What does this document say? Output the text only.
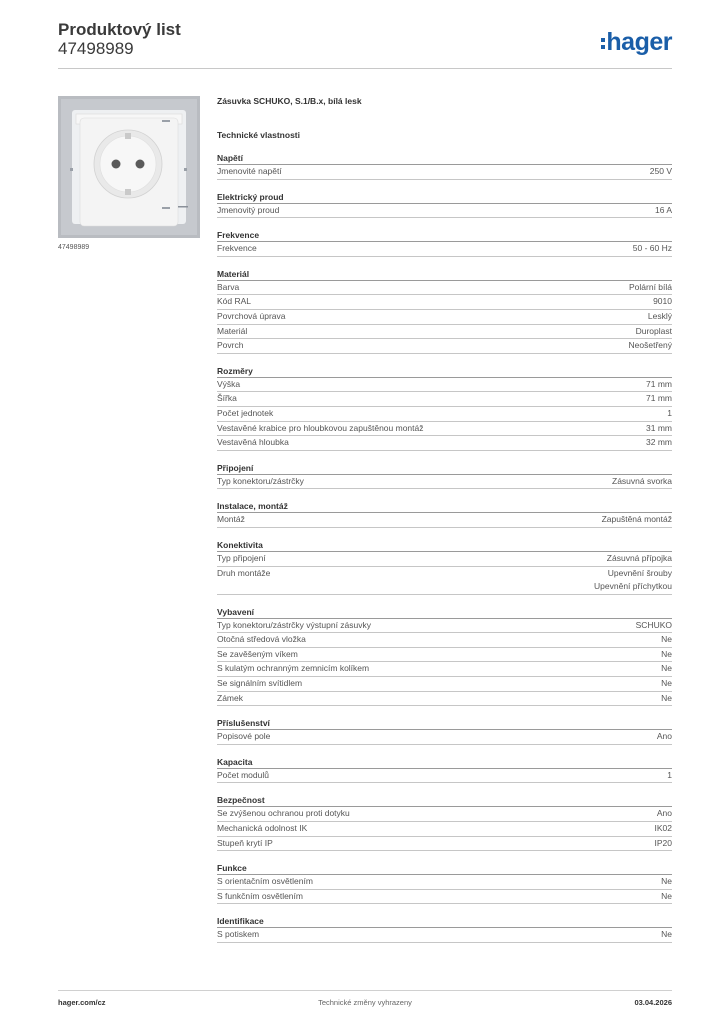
Produktový list
47498989	hager
47498989
Zásuvka SCHUKO, S.1/B.x, bílá lesk
Technické vlastnosti
Napětí
Jmenovité napětí	250 V
Elektrický proud
Jmenovitý proud	16 A
Frekvence
Frekvence	50 - 60 Hz
Materiál
Barva	Polární bílá
Kód RAL	9010
Povrchová úprava	Lesklý
Materiál	Duroplast
Povrch	Neošetřený
Rozměry
Výška	71 mm
Šířka	71 mm
Počet jednotek	1
Vestavěné krabice pro hloubkovou zapuštěnou montáž	31 mm
Vestavěná hloubka	32 mm
Připojení
Typ konektoru/zástrčky	Zásuvná svorka
Instalace, montáž
Montáž	Zapuštěná montáž
Konektivita
Typ připojení	Zásuvná přípojka
Druh montáže	Upevnění šrouby
Upevnění příchytkou
Vybavení
Typ konektoru/zástrčky výstupní zásuvky	SCHUKO
Otočná středová vložka	Ne
Se zavěšeným víkem	Ne
S kulatým ochranným zemnicím kolíkem	Ne
Se signálním svítidlem	Ne
Zámek	Ne
Příslušenství
Popisové pole	Ano
Kapacita
Počet modulů	1
Bezpečnost
Se zvýšenou ochranou proti dotyku	Ano
Mechanická odolnost IK	IK02
Stupeň krytí IP	IP20
Funkce
S orientačním osvětlením	Ne
S funkčním osvětlením	Ne
Identifikace
S potiskem	Ne
hager.com/cz	Technické změny vyhrazeny	03.04.2026
